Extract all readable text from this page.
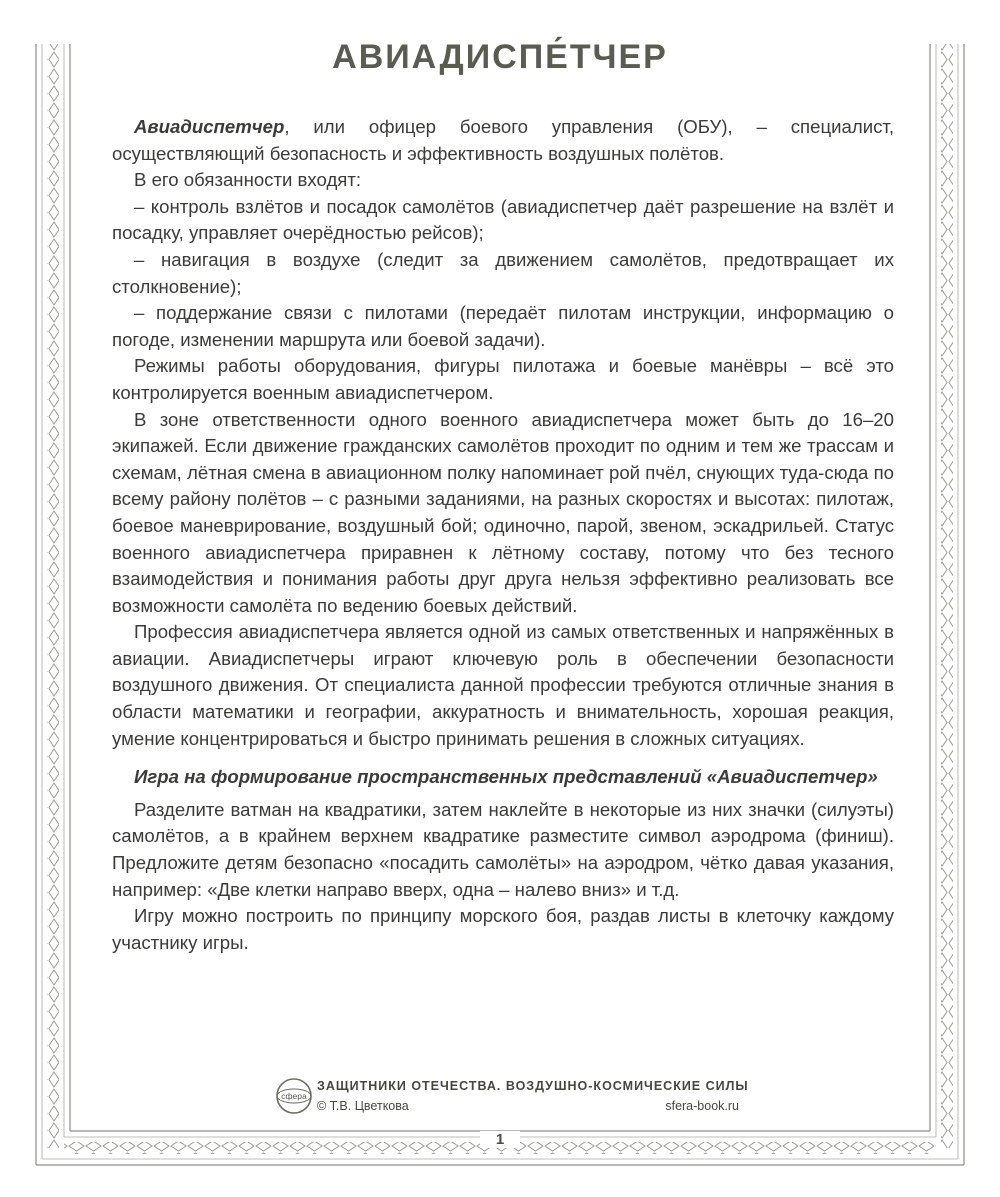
АВИАДИСПЕ́ТЧЕР

Авиадиспетчер, или офицер боевого управления (ОБУ), – специалист, осуществляющий безопасность и эффективность воздушных полётов.

В его обязанности входят:

– контроль взлётов и посадок самолётов (авиадиспетчер даёт разрешение на взлёт и посадку, управляет очерёдностью рейсов);

– навигация в воздухе (следит за движением самолётов, предотвращает их столкновение);

– поддержание связи с пилотами (передаёт пилотам инструкции, информацию о погоде, изменении маршрута или боевой задачи).

Режимы работы оборудования, фигуры пилотажа и боевые манёвры – всё это контролируется военным авиадиспетчером.

В зоне ответственности одного военного авиадиспетчера может быть до 16–20 экипажей. Если движение гражданских самолётов проходит по одним и тем же трассам и схемам, лётная смена в авиационном полку напоминает рой пчёл, снующих туда-сюда по всему району полётов – с разными заданиями, на разных скоростях и высотах: пилотаж, боевое маневрирование, воздушный бой; одиночно, парой, звеном, эскадрильей. Статус военного авиадиспетчера приравнен к лётному составу, потому что без тесного взаимодействия и понимания работы друг друга нельзя эффективно реализовать все возможности самолёта по ведению боевых действий.

Профессия авиадиспетчера является одной из самых ответственных и напряжённых в авиации. Авиадиспетчеры играют ключевую роль в обеспечении безопасности воздушного движения. От специалиста данной профессии требуются отличные знания в области математики и географии, аккуратность и внимательность, хорошая реакция, умение концентрироваться и быстро принимать решения в сложных ситуациях.

Игра на формирование пространственных представлений «Авиадиспетчер»

Разделите ватман на квадратики, затем наклейте в некоторые из них значки (силуэты) самолётов, а в крайнем верхнем квадратике разместите символ аэродрома (финиш). Предложите детям безопасно «посадить самолёты» на аэродром, чётко давая указания, например: «Две клетки направо вверх, одна – налево вниз» и т.д.

Игру можно построить по принципу морского боя, раздав листы в клеточку каждому участнику игры.

сфера
ЗАЩИТНИКИ ОТЕЧЕСТВА. ВОЗДУШНО-КОСМИЧЕСКИЕ СИЛЫ
© Т.В. Цветкова	sfera-book.ru
1
